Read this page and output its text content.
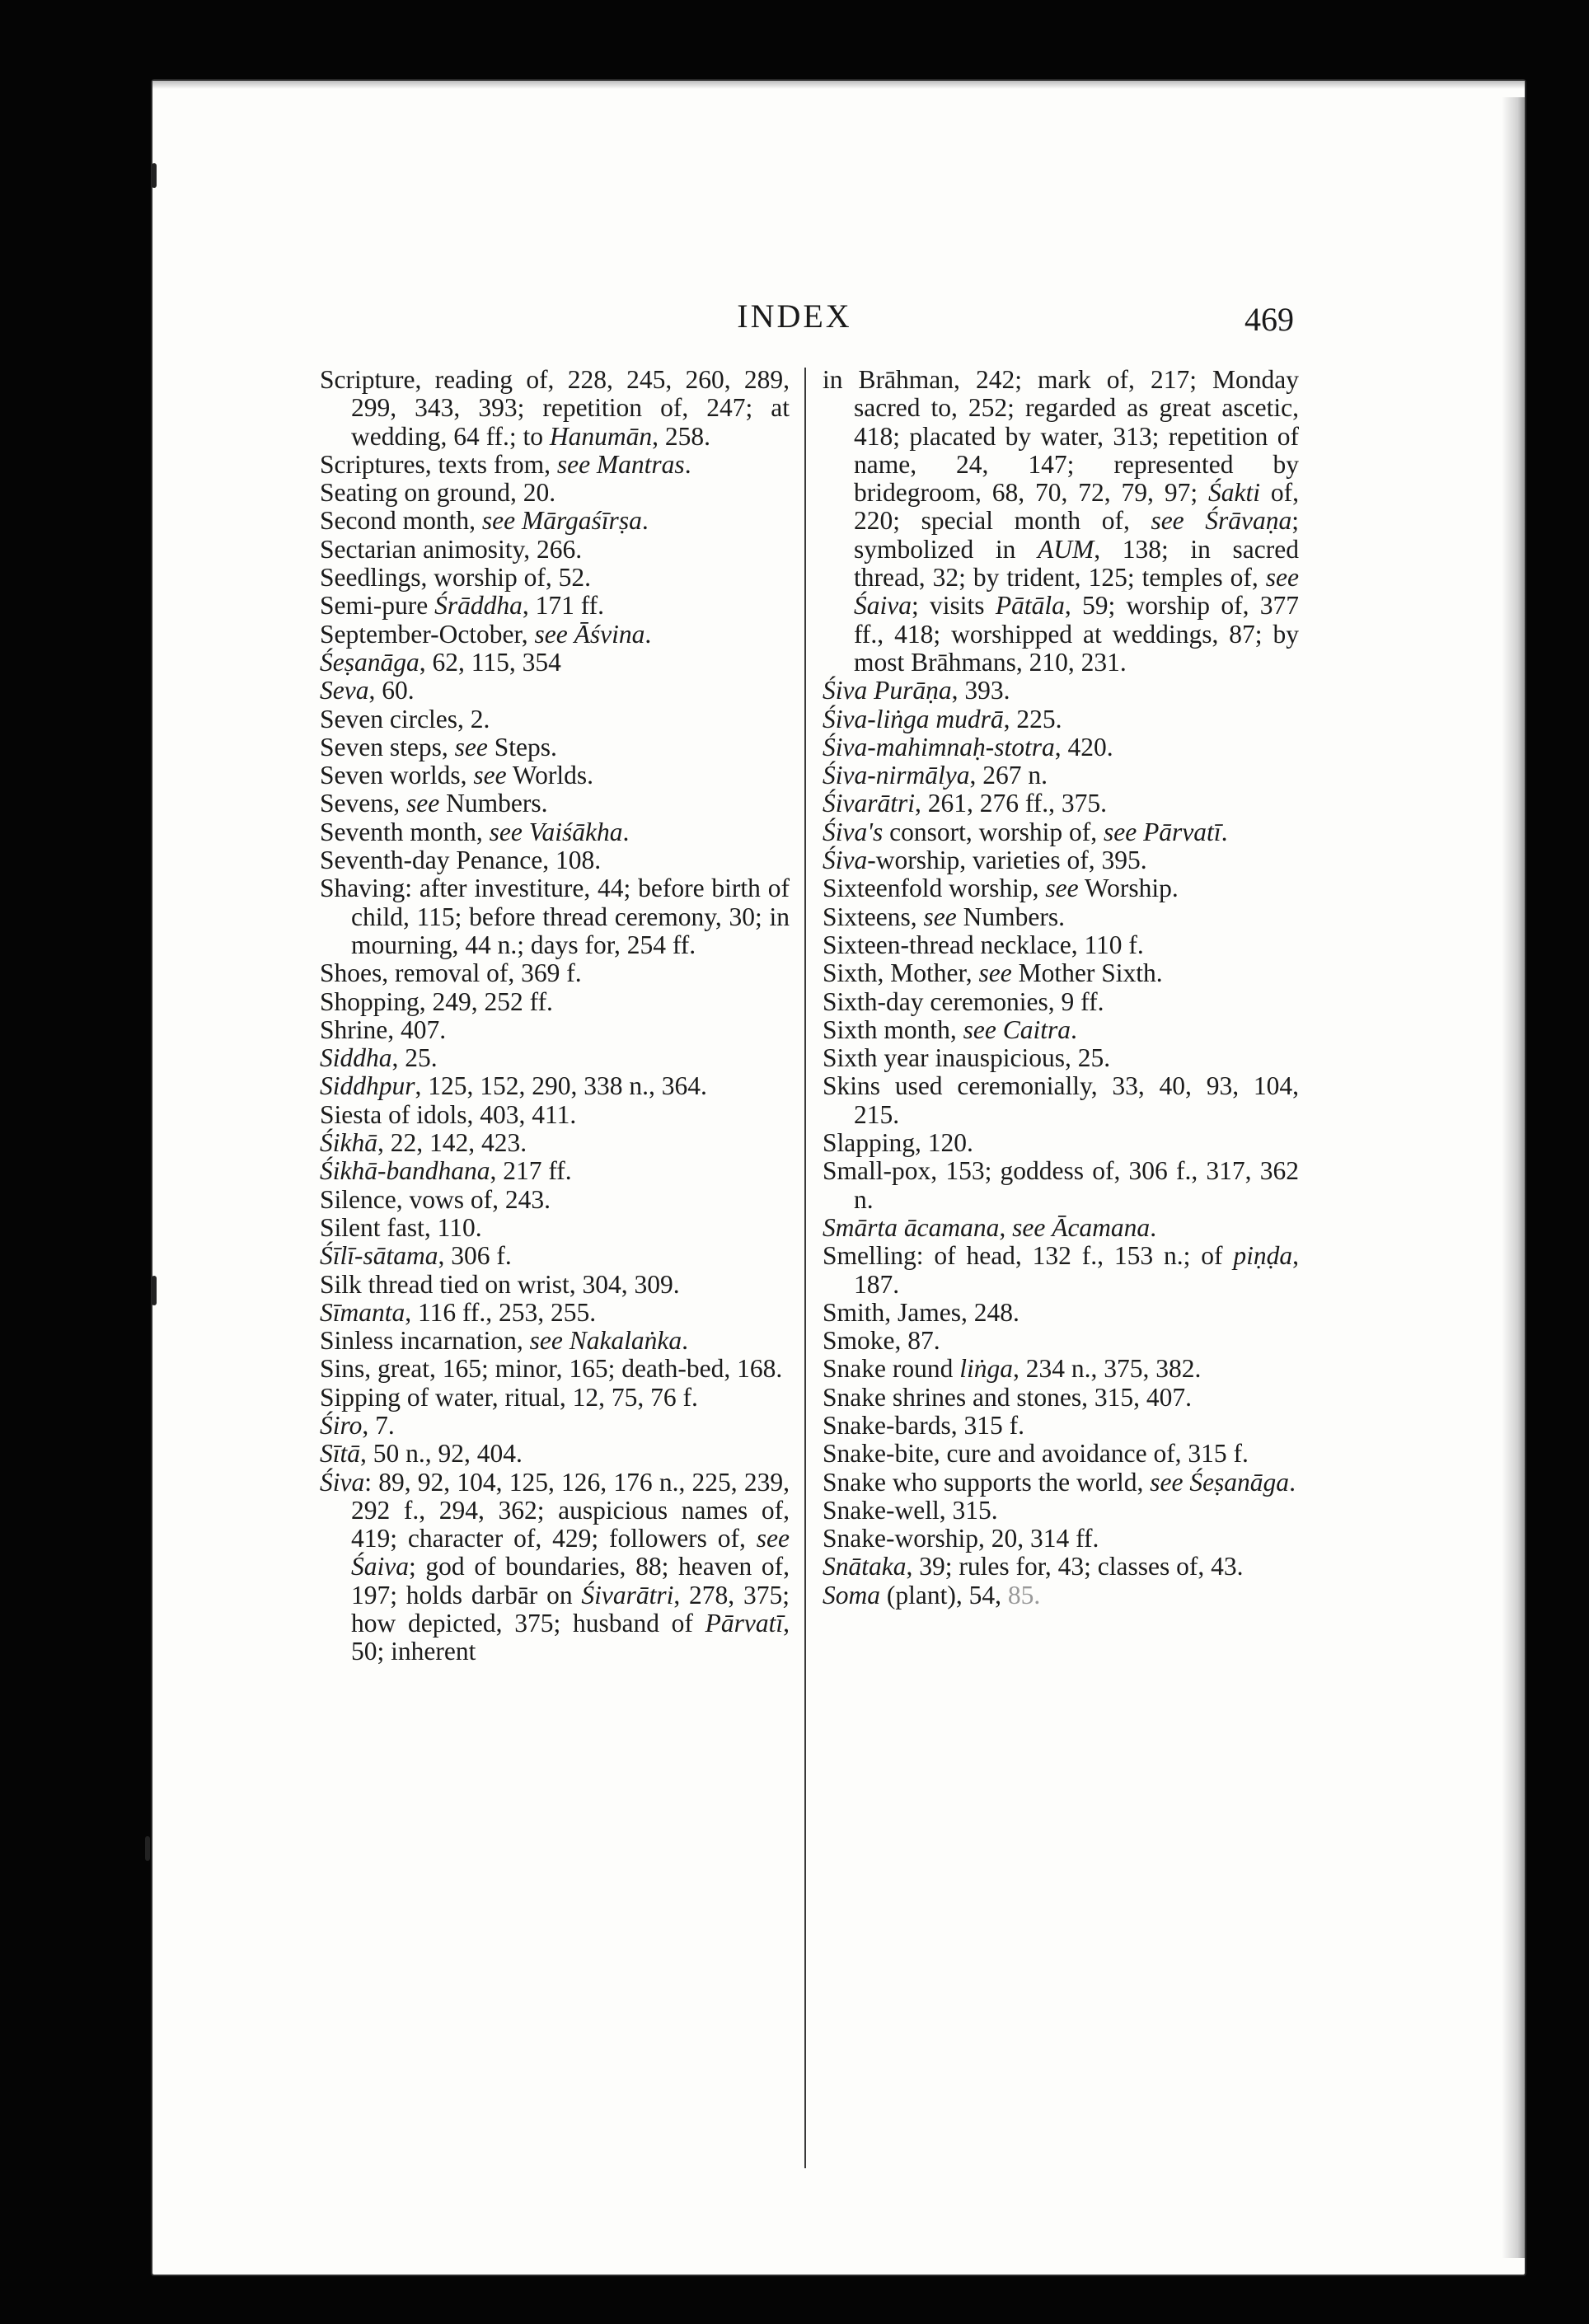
INDEX	469

Scripture, reading of, 228, 245, 260, 289, 299, 343, 393; repetition of, 247; at wedding, 64 ff.; to Hanumān, 258.

Scriptures, texts from, see Mantras.

Seating on ground, 20.

Second month, see Mārgaśīrṣa.

Sectarian animosity, 266.

Seedlings, worship of, 52.

Semi-pure Śrāddha, 171 ff.

September-October, see Āśvina.

Śeṣanāga, 62, 115, 354

Seva, 60.

Seven circles, 2.

Seven steps, see Steps.

Seven worlds, see Worlds.

Sevens, see Numbers.

Seventh month, see Vaiśākha.

Seventh-day Penance, 108.

Shaving: after investiture, 44; before birth of child, 115; before thread ceremony, 30; in mourning, 44 n.; days for, 254 ff.

Shoes, removal of, 369 f.

Shopping, 249, 252 ff.

Shrine, 407.

Siddha, 25.

Siddhpur, 125, 152, 290, 338 n., 364.

Siesta of idols, 403, 411.

Śikhā, 22, 142, 423.

Śikhā-bandhana, 217 ff.

Silence, vows of, 243.

Silent fast, 110.

Śīlī-sātama, 306 f.

Silk thread tied on wrist, 304, 309.

Sīmanta, 116 ff., 253, 255.

Sinless incarnation, see Nakalaṅka.

Sins, great, 165; minor, 165; death-bed, 168.

Sipping of water, ritual, 12, 75, 76 f.

Śiro, 7.

Sītā, 50 n., 92, 404.

Śiva: 89, 92, 104, 125, 126, 176 n., 225, 239, 292 f., 294, 362; auspicious names of, 419; character of, 429; followers of, see Śaiva; god of boundaries, 88; heaven of, 197; holds darbār on Śivarātri, 278, 375; how depicted, 375; husband of Pārvatī, 50; inherent

in Brāhman, 242; mark of, 217; Monday sacred to, 252; regarded as great ascetic, 418; placated by water, 313; repetition of name, 24, 147; represented by bridegroom, 68, 70, 72, 79, 97; Śakti of, 220; special month of, see Śrāvaṇa; symbolized in AUM, 138; in sacred thread, 32; by trident, 125; temples of, see Śaiva; visits Pātāla, 59; worship of, 377 ff., 418; worshipped at weddings, 87; by most Brāhmans, 210, 231.

Śiva Purāṇa, 393.

Śiva-liṅga mudrā, 225.

Śiva-mahimnaḥ-stotra, 420.

Śiva-nirmālya, 267 n.

Śivarātri, 261, 276 ff., 375.

Śiva's consort, worship of, see Pārvatī.

Śiva-worship, varieties of, 395.

Sixteenfold worship, see Worship.

Sixteens, see Numbers.

Sixteen-thread necklace, 110 f.

Sixth, Mother, see Mother Sixth.

Sixth-day ceremonies, 9 ff.

Sixth month, see Caitra.

Sixth year inauspicious, 25.

Skins used ceremonially, 33, 40, 93, 104, 215.

Slapping, 120.

Small-pox, 153; goddess of, 306 f., 317, 362 n.

Smārta ācamana, see Ācamana.

Smelling: of head, 132 f., 153 n.; of piṇḍa, 187.

Smith, James, 248.

Smoke, 87.

Snake round liṅga, 234 n., 375, 382.

Snake shrines and stones, 315, 407.

Snake-bards, 315 f.

Snake-bite, cure and avoidance of, 315 f.

Snake who supports the world, see Śeṣanāga.

Snake-well, 315.

Snake-worship, 20, 314 ff.

Snātaka, 39; rules for, 43; classes of, 43.

Soma (plant), 54, 85.
